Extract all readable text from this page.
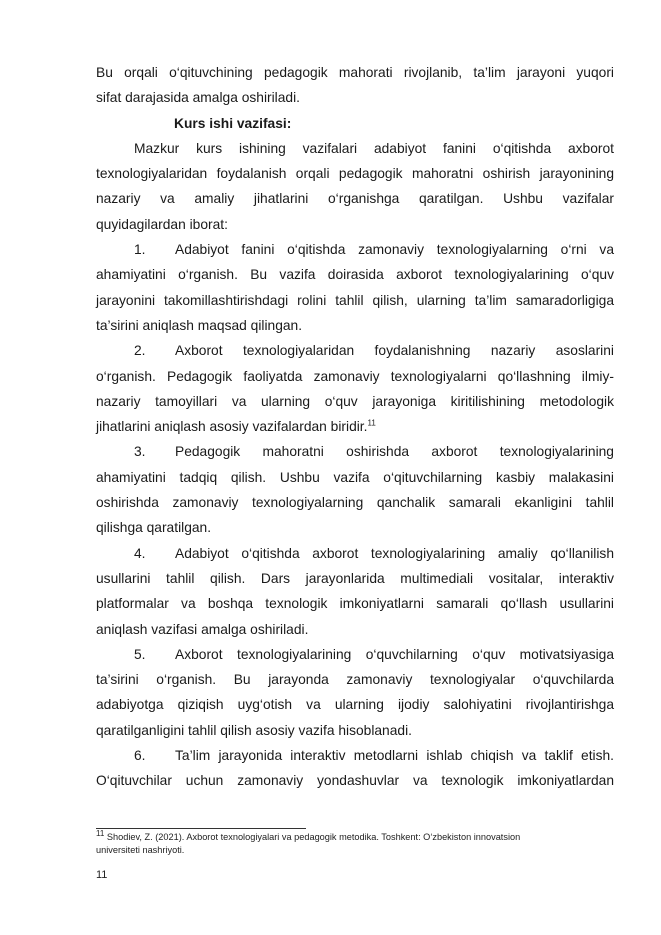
Bu orqali o‘qituvchining pedagogik mahorati rivojlanib, ta’lim jarayoni yuqori
sifat darajasida amalga oshiriladi.
Kurs ishi vazifasi:
Mazkur kurs ishining vazifalari adabiyot fanini o‘qitishda axborot
texnologiyalaridan foydalanish orqali pedagogik mahoratni oshirish jarayonining
nazariy va amaliy jihatlarini o‘rganishga qaratilgan. Ushbu vazifalar
quyidagilardan iborat:
1. Adabiyot fanini o‘qitishda zamonaviy texnologiyalarning o‘rni va
ahamiyatini o‘rganish. Bu vazifa doirasida axborot texnologiyalarining o‘quv
jarayonini takomillashtirishdagi rolini tahlil qilish, ularning ta’lim samaradorligiga
ta’sirini aniqlash maqsad qilingan.
2. Axborot texnologiyalaridan foydalanishning nazariy asoslarini
o‘rganish. Pedagogik faoliyatda zamonaviy texnologiyalarni qo‘llashning ilmiy-
nazariy tamoyillari va ularning o‘quv jarayoniga kiritilishining metodologik
jihatlarini aniqlash asosiy vazifalardan biridir.$^{11}$
3. Pedagogik mahoratni oshirishda axborot texnologiyalarining
ahamiyatini tadqiq qilish. Ushbu vazifa o‘qituvchilarning kasbiy malakasini
oshirishda zamonaviy texnologiyalarning qanchalik samarali ekanligini tahlil
qilishga qaratilgan.
4. Adabiyot o‘qitishda axborot texnologiyalarining amaliy qo‘llanilish
usullarini tahlil qilish. Dars jarayonlarida multimediali vositalar, interaktiv
platformalar va boshqa texnologik imkoniyatlarni samarali qo‘llash usullarini
aniqlash vazifasi amalga oshiriladi.
5. Axborot texnologiyalarining o‘quvchilarning o‘quv motivatsiyasiga
ta’sirini o‘rganish. Bu jarayonda zamonaviy texnologiyalar o‘quvchilarda
adabiyotga qiziqish uyg‘otish va ularning ijodiy salohiyatini rivojlantirishga
qaratilganligini tahlil qilish asosiy vazifa hisoblanadi.
6. Ta’lim jarayonida interaktiv metodlarni ishlab chiqish va taklif etish.
O‘qituvchilar uchun zamonaviy yondashuvlar va texnologik imkoniyatlardan
$^{11}$ Shodiev, Z. (2021). Axborot texnologiyalari va pedagogik metodika. Toshkent: O‘zbekiston innovatsion
universiteti nashriyoti.
11
